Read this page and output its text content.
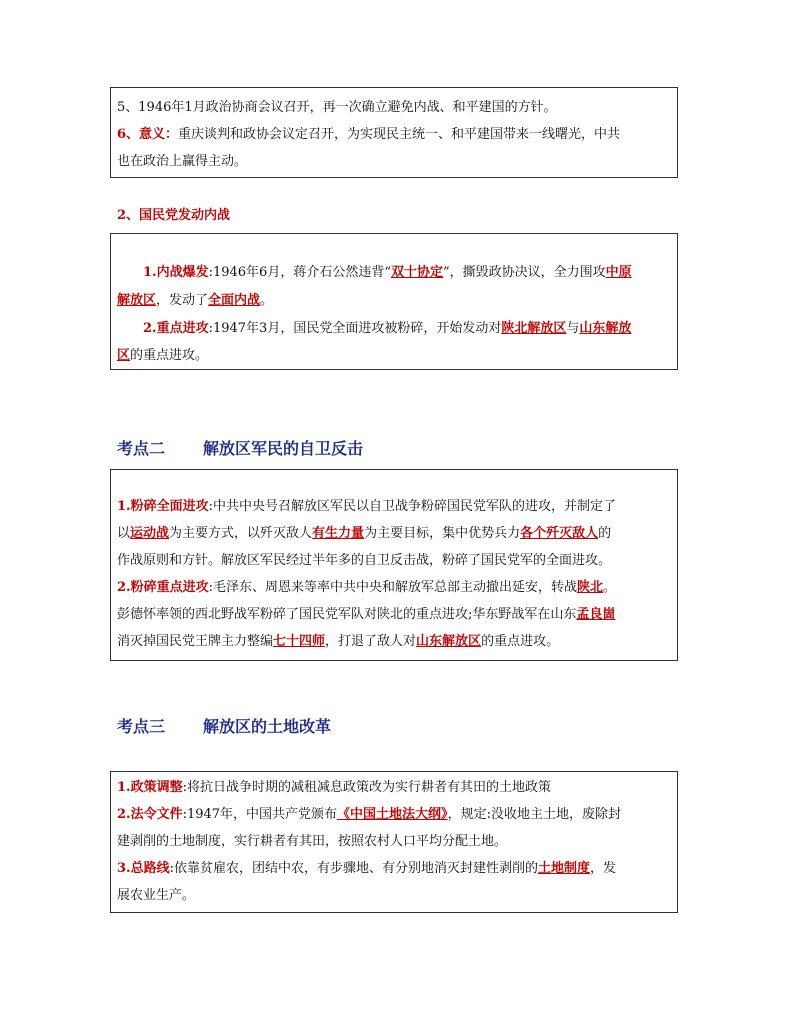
5、1946年1月政治协商会议召开，再一次确立避免内战、和平建国的方针。
6、意义：重庆谈判和政协会议定召开，为实现民主统一、和平建国带来一线曙光，中共
也在政治上赢得主动。
2、国民党发动内战
1.内战爆发:1946年6月，蒋介石公然违背“双十协定”，撕毁政协决议，全力围攻中原
解放区，发动了全面内战。
2.重点进攻:1947年3月，国民党全面进攻被粉碎，开始发动对陕北解放区与山东解放
区的重点进攻。
考点二 解放区军民的自卫反击
1.粉碎全面进攻:中共中央号召解放区军民以自卫战争粉碎国民党军队的进攻，并制定了
以运动战为主要方式，以歼灭敌人有生力量为主要目标，集中优势兵力各个歼灭敌人的
作战原则和方针。解放区军民经过半年多的自卫反击战，粉碎了国民党军的全面进攻。
2.粉碎重点进攻:毛泽东、周恩来等率中共中央和解放军总部主动撤出延安，转战陕北。
彭德怀率领的西北野战军粉碎了国民党军队对陕北的重点进攻;华东野战军在山东孟良崮
消灭掉国民党王牌主力整编七十四师，打退了敌人对山东解放区的重点进攻。
考点三 解放区的土地改革
1.政策调整:将抗日战争时期的减租减息政策改为实行耕者有其田的土地政策
2.法令文件:1947年，中国共产党颁布《中国土地法大纲》，规定:没收地主土地，废除封
建剥削的土地制度，实行耕者有其田，按照农村人口平均分配土地。
3.总路线:依靠贫雇农，团结中农，有步骤地、有分别地消灭封建性剥削的土地制度，发
展农业生产。
